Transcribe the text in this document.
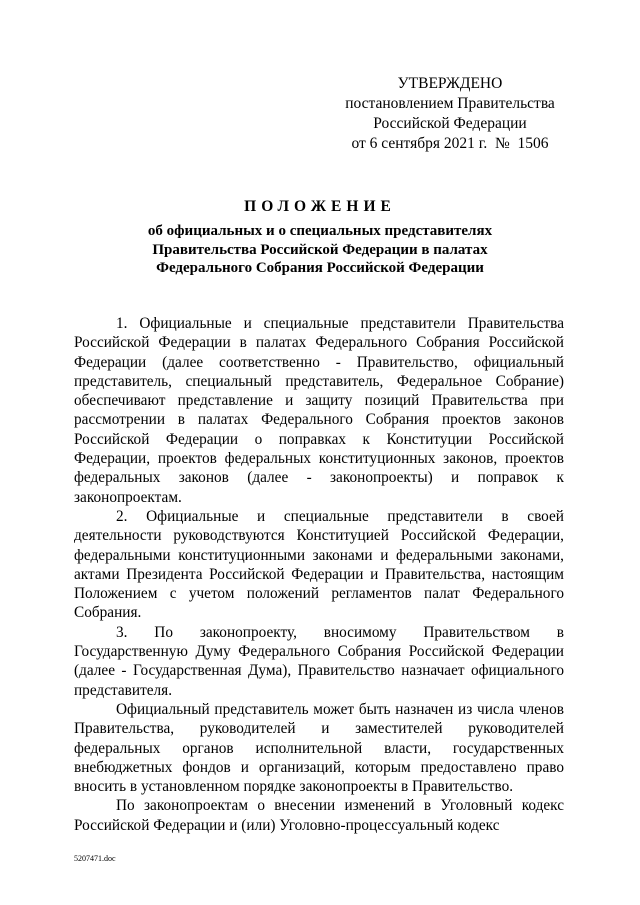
УТВЕРЖДЕНО
постановлением Правительства
Российской Федерации
от 6 сентября 2021 г.  №  1506
ПОЛОЖЕНИЕ
об официальных и о специальных представителях
Правительства Российской Федерации в палатах
Федерального Собрания Российской Федерации

1. Официальные и специальные представители Правительства Российской Федерации в палатах Федерального Собрания Российской Федерации (далее соответственно - Правительство, официальный представитель, специальный представитель, Федеральное Собрание) обеспечивают представление и защиту позиций Правительства при рассмотрении в палатах Федерального Собрания проектов законов Российской Федерации о поправках к Конституции Российской Федерации, проектов федеральных конституционных законов, проектов федеральных законов (далее - законопроекты) и поправок к законопроектам.

2. Официальные и специальные представители в своей деятельности руководствуются Конституцией Российской Федерации, федеральными конституционными законами и федеральными законами, актами Президента Российской Федерации и Правительства, настоящим Положением с учетом положений регламентов палат Федерального Собрания.

3. По законопроекту, вносимому Правительством в Государственную Думу Федерального Собрания Российской Федерации (далее - Государственная Дума), Правительство назначает официального представителя.

Официальный представитель может быть назначен из числа членов Правительства, руководителей и заместителей руководителей федеральных органов исполнительной власти, государственных внебюджетных фондов и организаций, которым предоставлено право вносить в установленном порядке законопроекты в Правительство.

По законопроектам о внесении изменений в Уголовный кодекс Российской Федерации и (или) Уголовно-процессуальный кодекс

5207471.doc
